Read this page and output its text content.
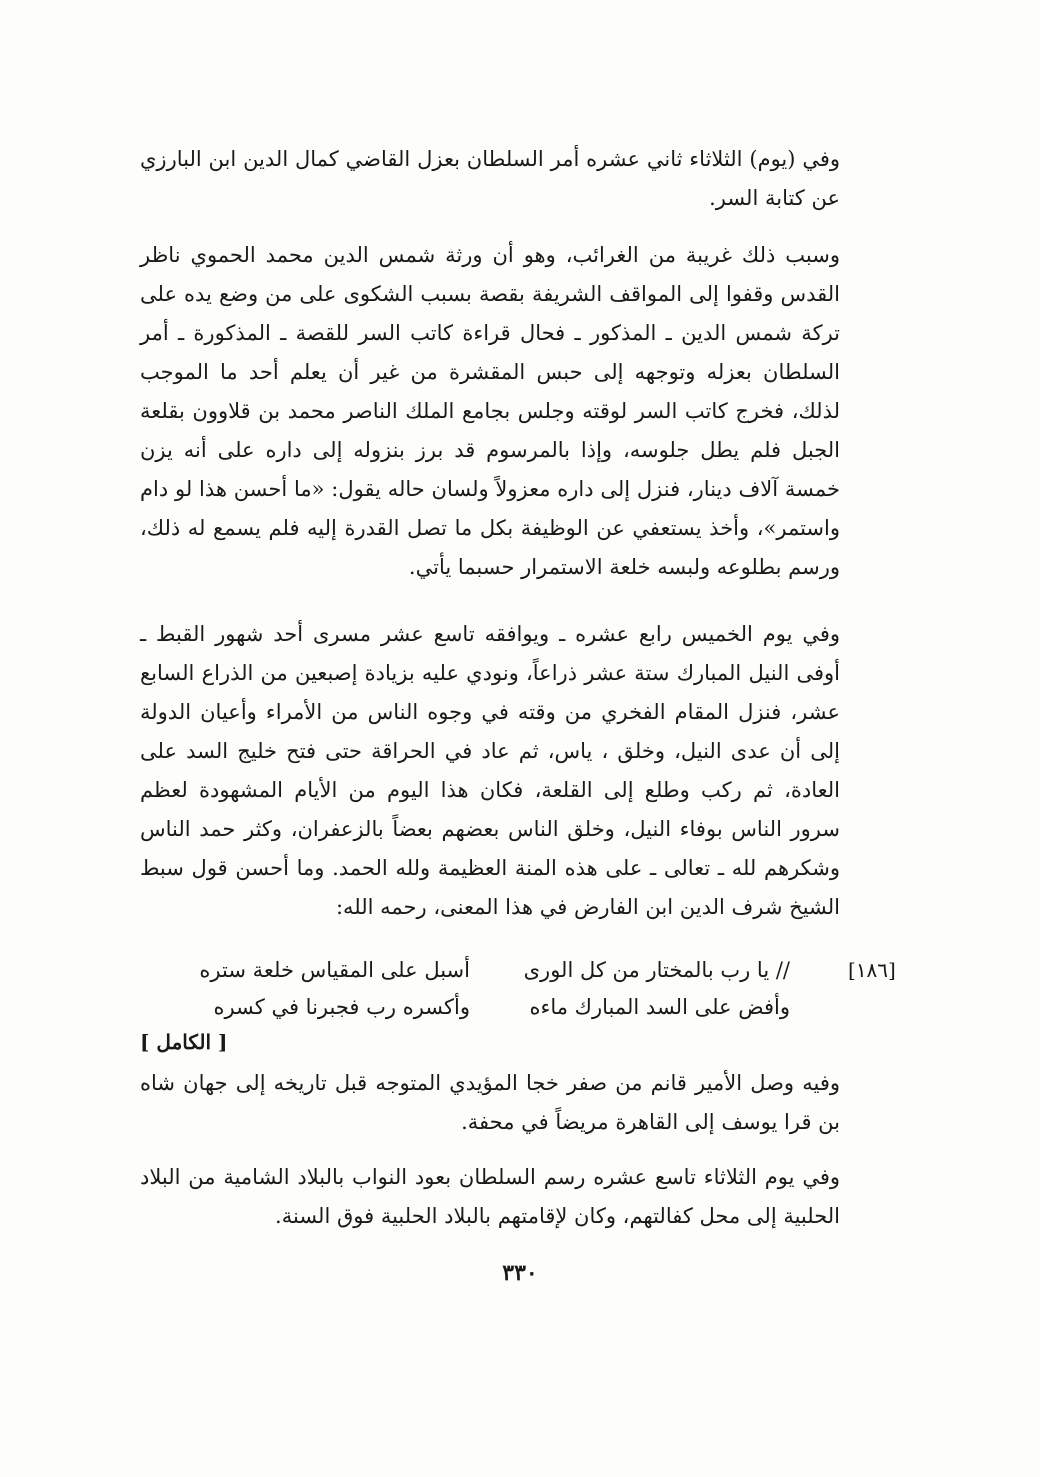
وفي (يوم) الثلاثاء ثاني عشره أمر السلطان بعزل القاضي كمال الدين ابن البارزي عن كتابة السر.

وسبب ذلك غريبة من الغرائب، وهو أن ورثة شمس الدين محمد الحموي ناظر القدس وقفوا إلى المواقف الشريفة بقصة بسبب الشكوى على من وضع يده على تركة شمس الدين ـ المذكور ـ فحال قراءة كاتب السر للقصة ـ المذكورة ـ أمر السلطان بعزله وتوجهه إلى حبس المقشرة من غير أن يعلم أحد ما الموجب لذلك، فخرج كاتب السر لوقته وجلس بجامع الملك الناصر محمد بن قلاوون بقلعة الجبل فلم يطل جلوسه، وإذا بالمرسوم قد برز بنزوله إلى داره على أنه يزن خمسة آلاف دينار، فنزل إلى داره معزولاً ولسان حاله يقول: «ما أحسن هذا لو دام واستمر»، وأخذ يستعفي عن الوظيفة بكل ما تصل القدرة إليه فلم يسمع له ذلك، ورسم بطلوعه ولبسه خلعة الاستمرار حسبما يأتي.

وفي يوم الخميس رابع عشره ـ ويوافقه تاسع عشر مسرى أحد شهور القبط ـ أوفى النيل المبارك ستة عشر ذراعاً، ونودي عليه بزيادة إصبعين من الذراع السابع عشر، فنزل المقام الفخري من وقته في وجوه الناس من الأمراء وأعيان الدولة إلى أن عدى النيل، وخلق ، ياس، ثم عاد في الحراقة حتى فتح خليج السد على العادة، ثم ركب وطلع إلى القلعة، فكان هذا اليوم من الأيام المشهودة لعظم سرور الناس بوفاء النيل، وخلق الناس بعضهم بعضاً بالزعفران، وكثر حمد الناس وشكرهم لله ـ تعالى ـ على هذه المنة العظيمة ولله الحمد. وما أحسن قول سبط الشيخ شرف الدين ابن الفارض في هذا المعنى، رحمه الله:

[١٨٦]
// يا رب بالمختار من كل الورى
أسبل على المقياس خلعة ستره
وأفض على السد المبارك ماءه
وأكسره رب فجبرنا في كسره
[ الكامل ]

وفيه وصل الأمير قانم من صفر خجا المؤيدي المتوجه قبل تاريخه إلى جهان شاه بن قرا يوسف إلى القاهرة مريضاً في محفة.

وفي يوم الثلاثاء تاسع عشره رسم السلطان بعود النواب بالبلاد الشامية من البلاد الحلبية إلى محل كفالتهم، وكان لإقامتهم بالبلاد الحلبية فوق السنة.

٣٣٠
